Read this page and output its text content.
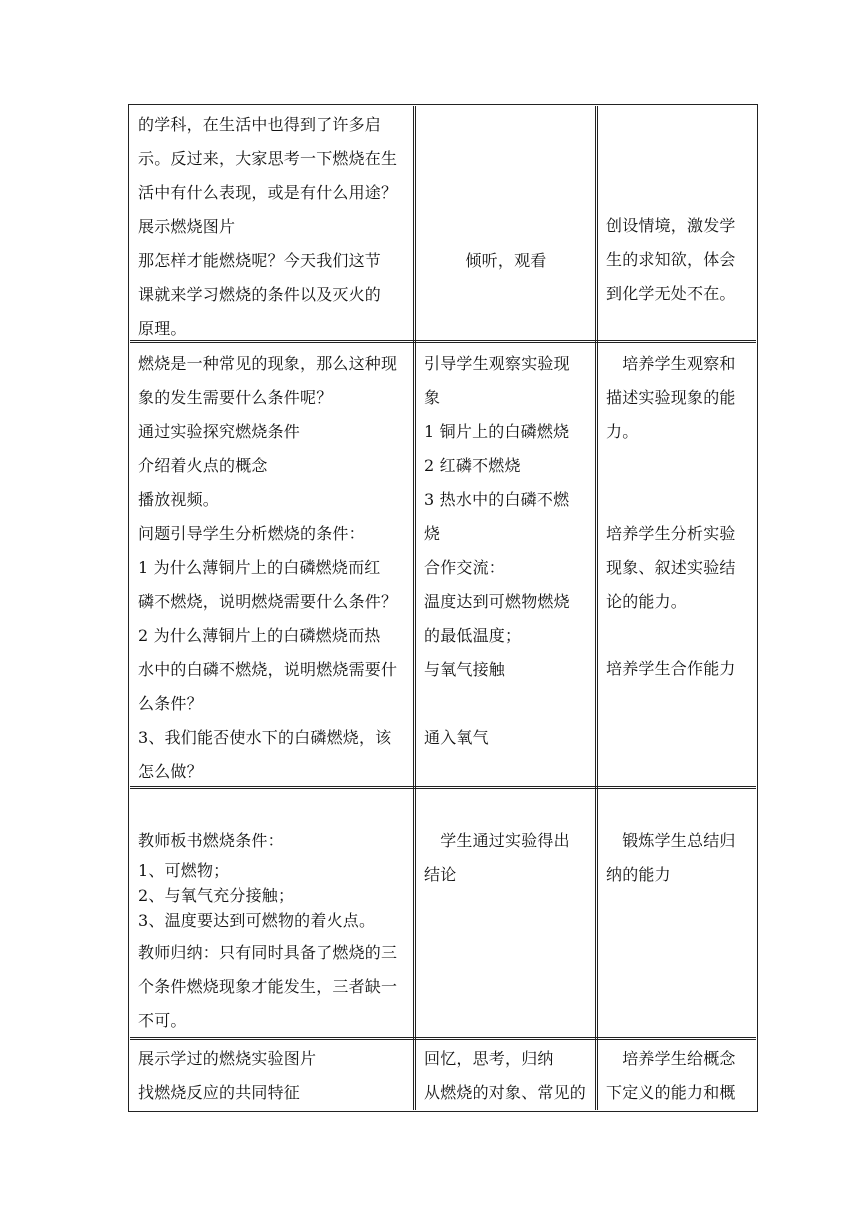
的学科，在生活中也得到了许多启

示。反过来，大家思考一下燃烧在生

活中有什么表现，或是有什么用途？

展示燃烧图片

那怎样才能燃烧呢？今天我们这节

课就来学习燃烧的条件以及灭火的

原理。

倾听，观看

创设情境，激发学

生的求知欲，体会

到化学无处不在。

燃烧是一种常见的现象，那么这种现

象的发生需要什么条件呢？

通过实验探究燃烧条件

介绍着火点的概念

播放视频。

问题引导学生分析燃烧的条件：

1 为什么薄铜片上的白磷燃烧而红

磷不燃烧，说明燃烧需要什么条件？

2 为什么薄铜片上的白磷燃烧而热

水中的白磷不燃烧，说明燃烧需要什

么条件？

3、我们能否使水下的白磷燃烧，该

怎么做？

引导学生观察实验现

象

1 铜片上的白磷燃烧

2 红磷不燃烧

3 热水中的白磷不燃

烧

合作交流：

温度达到可燃物燃烧

的最低温度；

与氧气接触

通入氧气

　培养学生观察和

描述实验现象的能

力。

培养学生分析实验

现象、叙述实验结

论的能力。

培养学生合作能力

教师板书燃烧条件：

1、可燃物；

2、与氧气充分接触；

3、温度要达到可燃物的着火点。

教师归纳：只有同时具备了燃烧的三

个条件燃烧现象才能发生，三者缺一

不可。

　学生通过实验得出

结论

　锻炼学生总结归

纳的能力

展示学过的燃烧实验图片

找燃烧反应的共同特征

回忆，思考，归纳

从燃烧的对象、常见的

　培养学生给概念

下定义的能力和概
